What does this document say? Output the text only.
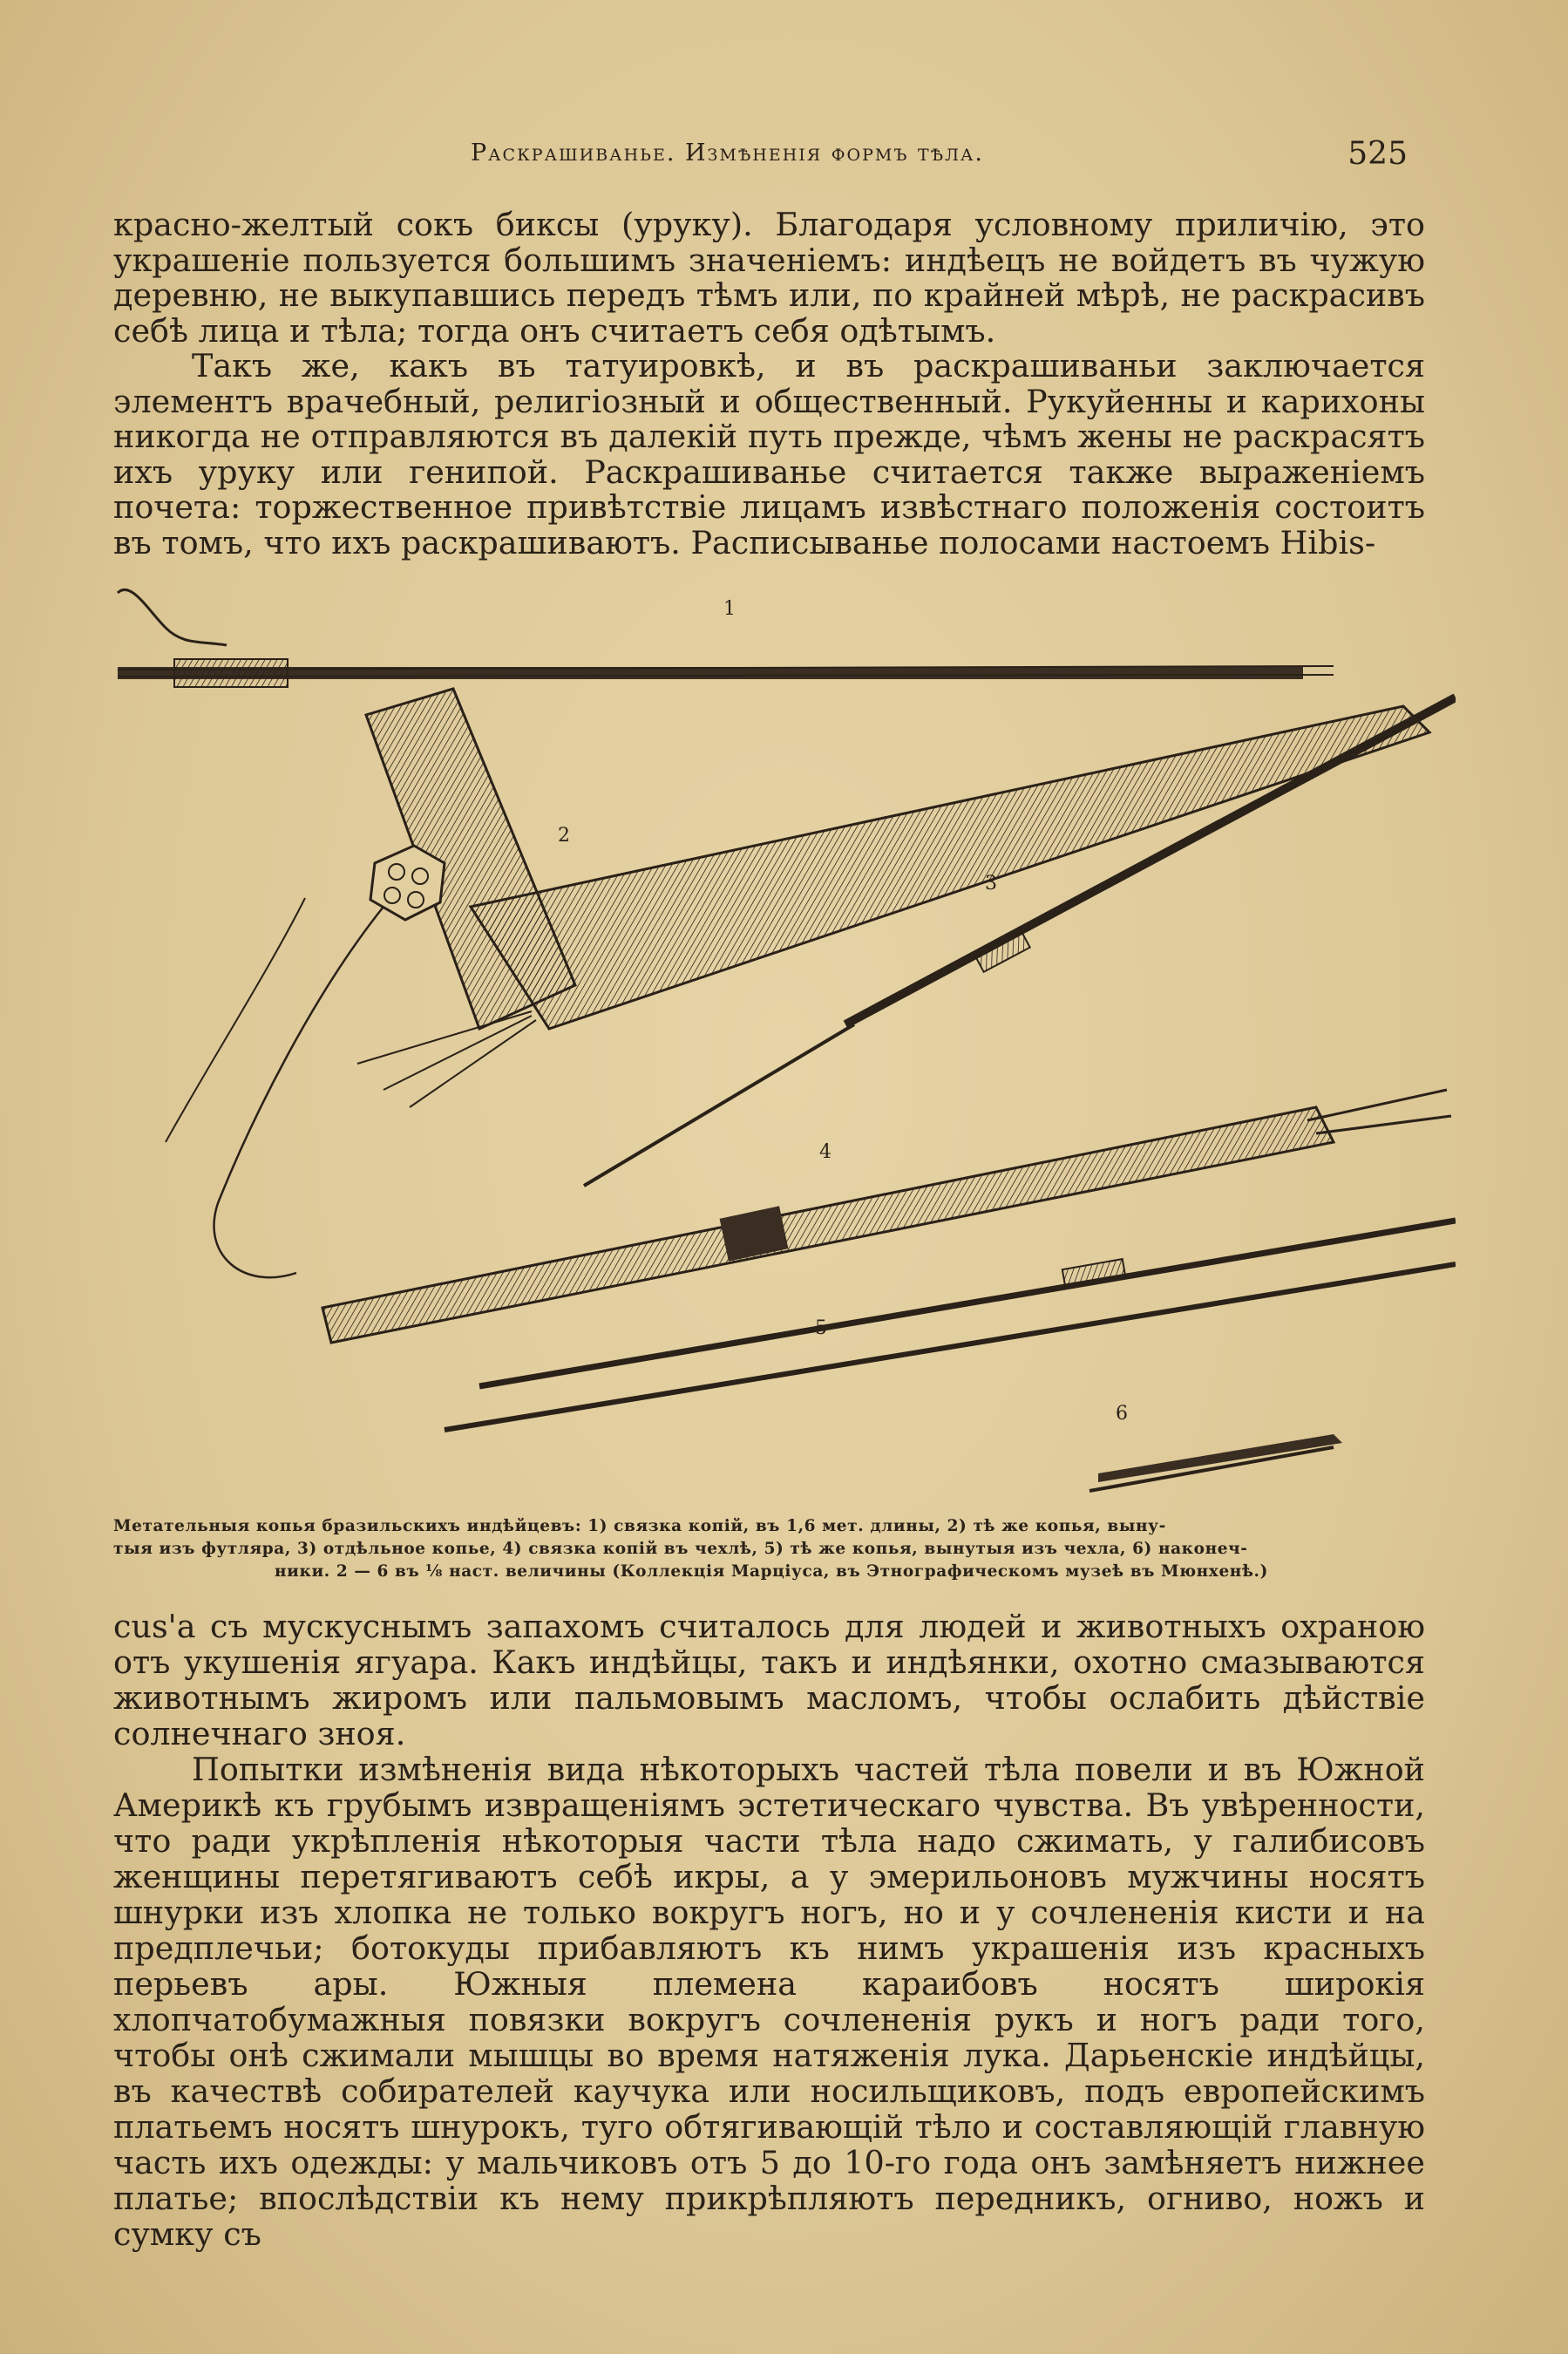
Раскрашиванье. Измѣненія формъ тѣла.	525

красно-желтый сокъ биксы (уруку). Благодаря условному приличію, это украшеніе пользуется большимъ значеніемъ: индѣецъ не войдетъ въ чужую деревню, не выкупавшись передъ тѣмъ или, по крайней мѣрѣ, не раскрасивъ себѣ лица и тѣла; тогда онъ считаетъ себя одѣтымъ.

Такъ же, какъ въ татуировкѣ, и въ раскрашиваньи заключается элементъ врачебный, религіозный и общественный. Рукуйенны и карихоны никогда не отправляются въ далекій путь прежде, чѣмъ жены не раскрасятъ ихъ уруку или генипой. Раскрашиванье считается также выраженіемъ почета: торжественное привѣтствіе лицамъ извѣстнаго положенія состоитъ въ томъ, что ихъ раскрашиваютъ. Расписыванье полосами настоемъ Hibis-

1
2
3
4
5
6
Метательныя копья бразильскихъ индѣйцевъ: 1) связка копій, въ 1,6 мет. длины, 2) тѣ же копья, выну-
тыя изъ футляра, 3) отдѣльное копье, 4) связка копій въ чехлѣ, 5) тѣ же копья, вынутыя изъ чехла, 6) наконеч-
ники. 2 — 6 въ ⅛ наст. величины (Коллекція Марціуса, въ Этнографическомъ музеѣ въ Мюнхенѣ.)

cus'а съ мускуснымъ запахомъ считалось для людей и животныхъ охраною отъ укушенія ягуара. Какъ индѣйцы, такъ и индѣянки, охотно смазываются животнымъ жиромъ или пальмовымъ масломъ, чтобы ослабить дѣйствіе солнечнаго зноя.

Попытки измѣненія вида нѣкоторыхъ частей тѣла повели и въ Южной Америкѣ къ грубымъ извращеніямъ эстетическаго чувства. Въ увѣренности, что ради укрѣпленія нѣкоторыя части тѣла надо сжимать, у галибисовъ женщины перетягиваютъ себѣ икры, а у эмерильоновъ мужчины носятъ шнурки изъ хлопка не только вокругъ ногъ, но и у сочлененія кисти и на предплечьи; ботокуды прибавляютъ къ нимъ украшенія изъ красныхъ перьевъ ары. Южныя племена караибовъ носятъ широкія хлопчатобумажныя повязки вокругъ сочлененія рукъ и ногъ ради того, чтобы онѣ сжимали мышцы во время натяженія лука. Дарьенскіе индѣйцы, въ качествѣ собирателей каучука или носильщиковъ, подъ европейскимъ платьемъ носятъ шнурокъ, туго обтягивающій тѣло и составляющій главную часть ихъ одежды: у мальчиковъ отъ 5 до 10-го года онъ замѣняетъ нижнее платье; впослѣдствіи къ нему прикрѣпляютъ передникъ, огниво, ножъ и сумку съ
